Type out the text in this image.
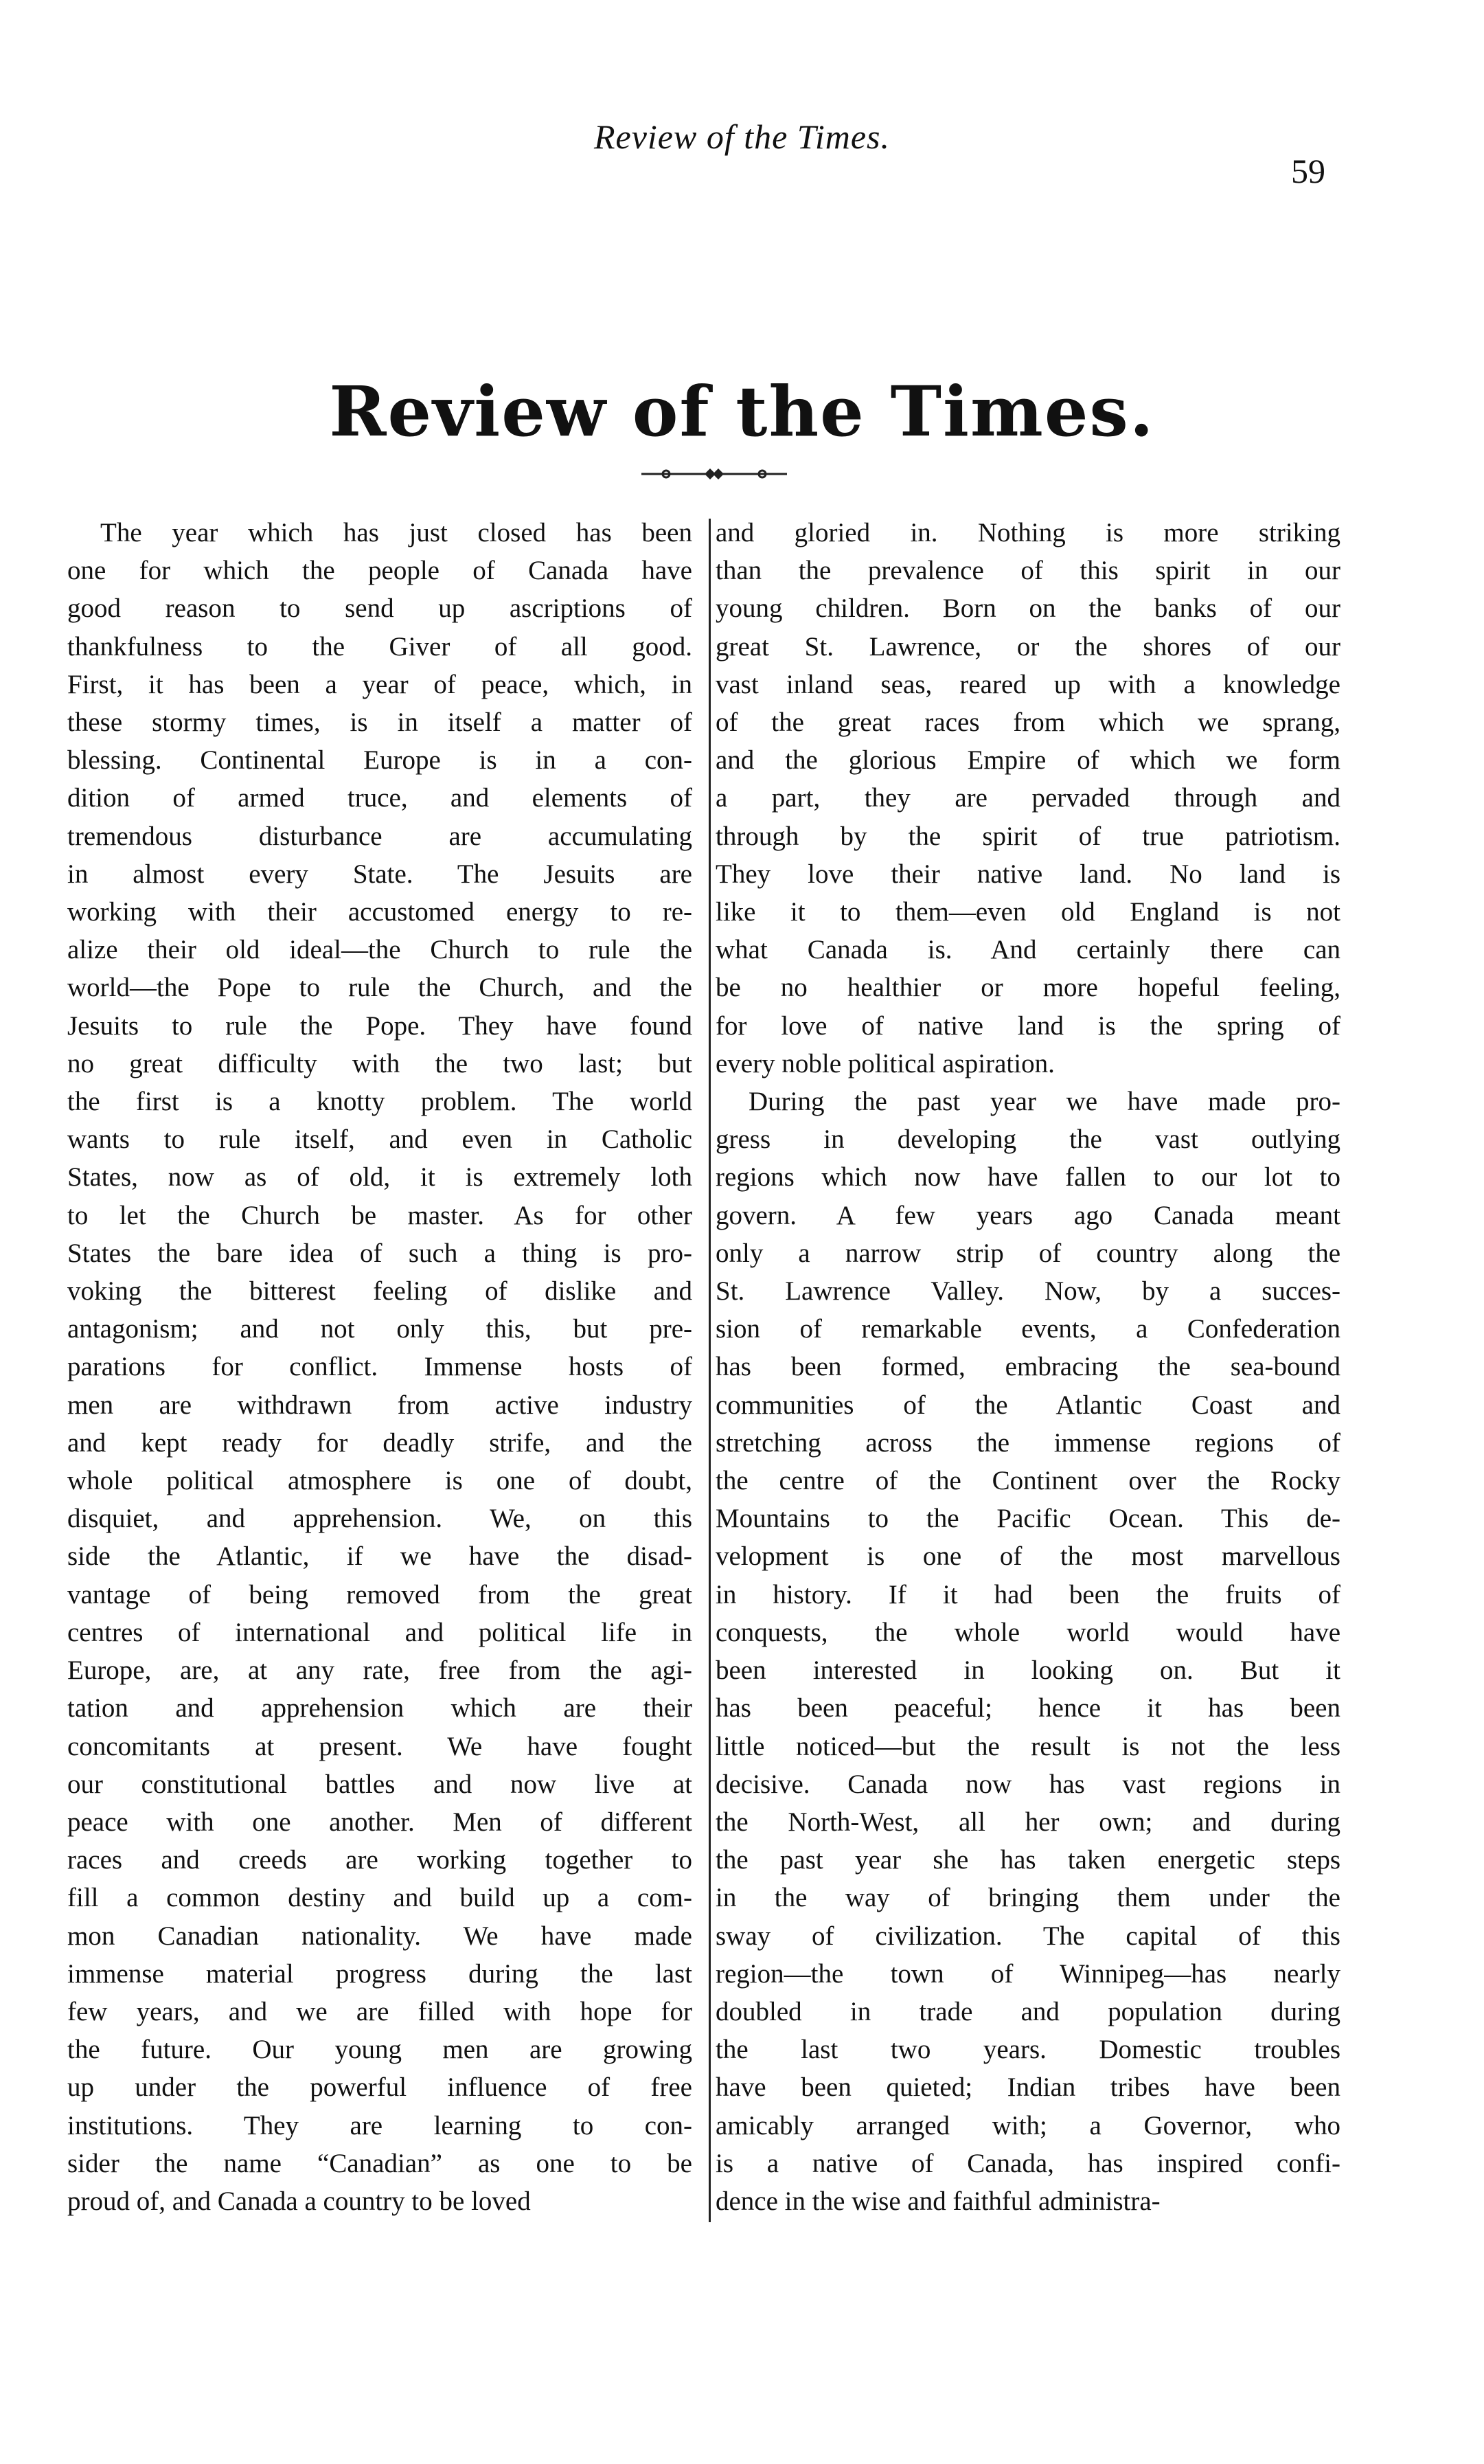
Review of the Times.
59
Review of the Times.
The year which has just closed has been
one for which the people of Canada have
good reason to send up ascriptions of
thankfulness to the Giver of all good.
First, it has been a year of peace, which, in
these stormy times, is in itself a matter of
blessing. Continental Europe is in a con-
dition of armed truce, and elements of
tremendous disturbance are accumulating
in almost every State. The Jesuits are
working with their accustomed energy to re-
alize their old ideal—the Church to rule the
world—the Pope to rule the Church, and the
Jesuits to rule the Pope. They have found
no great difficulty with the two last; but
the first is a knotty problem. The world
wants to rule itself, and even in Catholic
States, now as of old, it is extremely loth
to let the Church be master. As for other
States the bare idea of such a thing is pro-
voking the bitterest feeling of dislike and
antagonism; and not only this, but pre-
parations for conflict. Immense hosts of
men are withdrawn from active industry
and kept ready for deadly strife, and the
whole political atmosphere is one of doubt,
disquiet, and apprehension. We, on this
side the Atlantic, if we have the disad-
vantage of being removed from the great
centres of international and political life in
Europe, are, at any rate, free from the agi-
tation and apprehension which are their
concomitants at present. We have fought
our constitutional battles and now live at
peace with one another. Men of different
races and creeds are working together to
fill a common destiny and build up a com-
mon Canadian nationality. We have made
immense material progress during the last
few years, and we are filled with hope for
the future. Our young men are growing
up under the powerful influence of free
institutions. They are learning to con-
sider the name “Canadian” as one to be
proud of, and Canada a country to be loved
and gloried in. Nothing is more striking
than the prevalence of this spirit in our
young children. Born on the banks of our
great St. Lawrence, or the shores of our
vast inland seas, reared up with a knowledge
of the great races from which we sprang,
and the glorious Empire of which we form
a part, they are pervaded through and
through by the spirit of true patriotism.
They love their native land. No land is
like it to them—even old England is not
what Canada is. And certainly there can
be no healthier or more hopeful feeling,
for love of native land is the spring of
every noble political aspiration.
During the past year we have made pro-
gress in developing the vast outlying
regions which now have fallen to our lot to
govern. A few years ago Canada meant
only a narrow strip of country along the
St. Lawrence Valley. Now, by a succes-
sion of remarkable events, a Confederation
has been formed, embracing the sea-bound
communities of the Atlantic Coast and
stretching across the immense regions of
the centre of the Continent over the Rocky
Mountains to the Pacific Ocean. This de-
velopment is one of the most marvellous
in history. If it had been the fruits of
conquests, the whole world would have
been interested in looking on. But it
has been peaceful; hence it has been
little noticed—but the result is not the less
decisive. Canada now has vast regions in
the North-West, all her own; and during
the past year she has taken energetic steps
in the way of bringing them under the
sway of civilization. The capital of this
region—the town of Winnipeg—has nearly
doubled in trade and population during
the last two years. Domestic troubles
have been quieted; Indian tribes have been
amicably arranged with; a Governor, who
is a native of Canada, has inspired confi-
dence in the wise and faithful administra-
